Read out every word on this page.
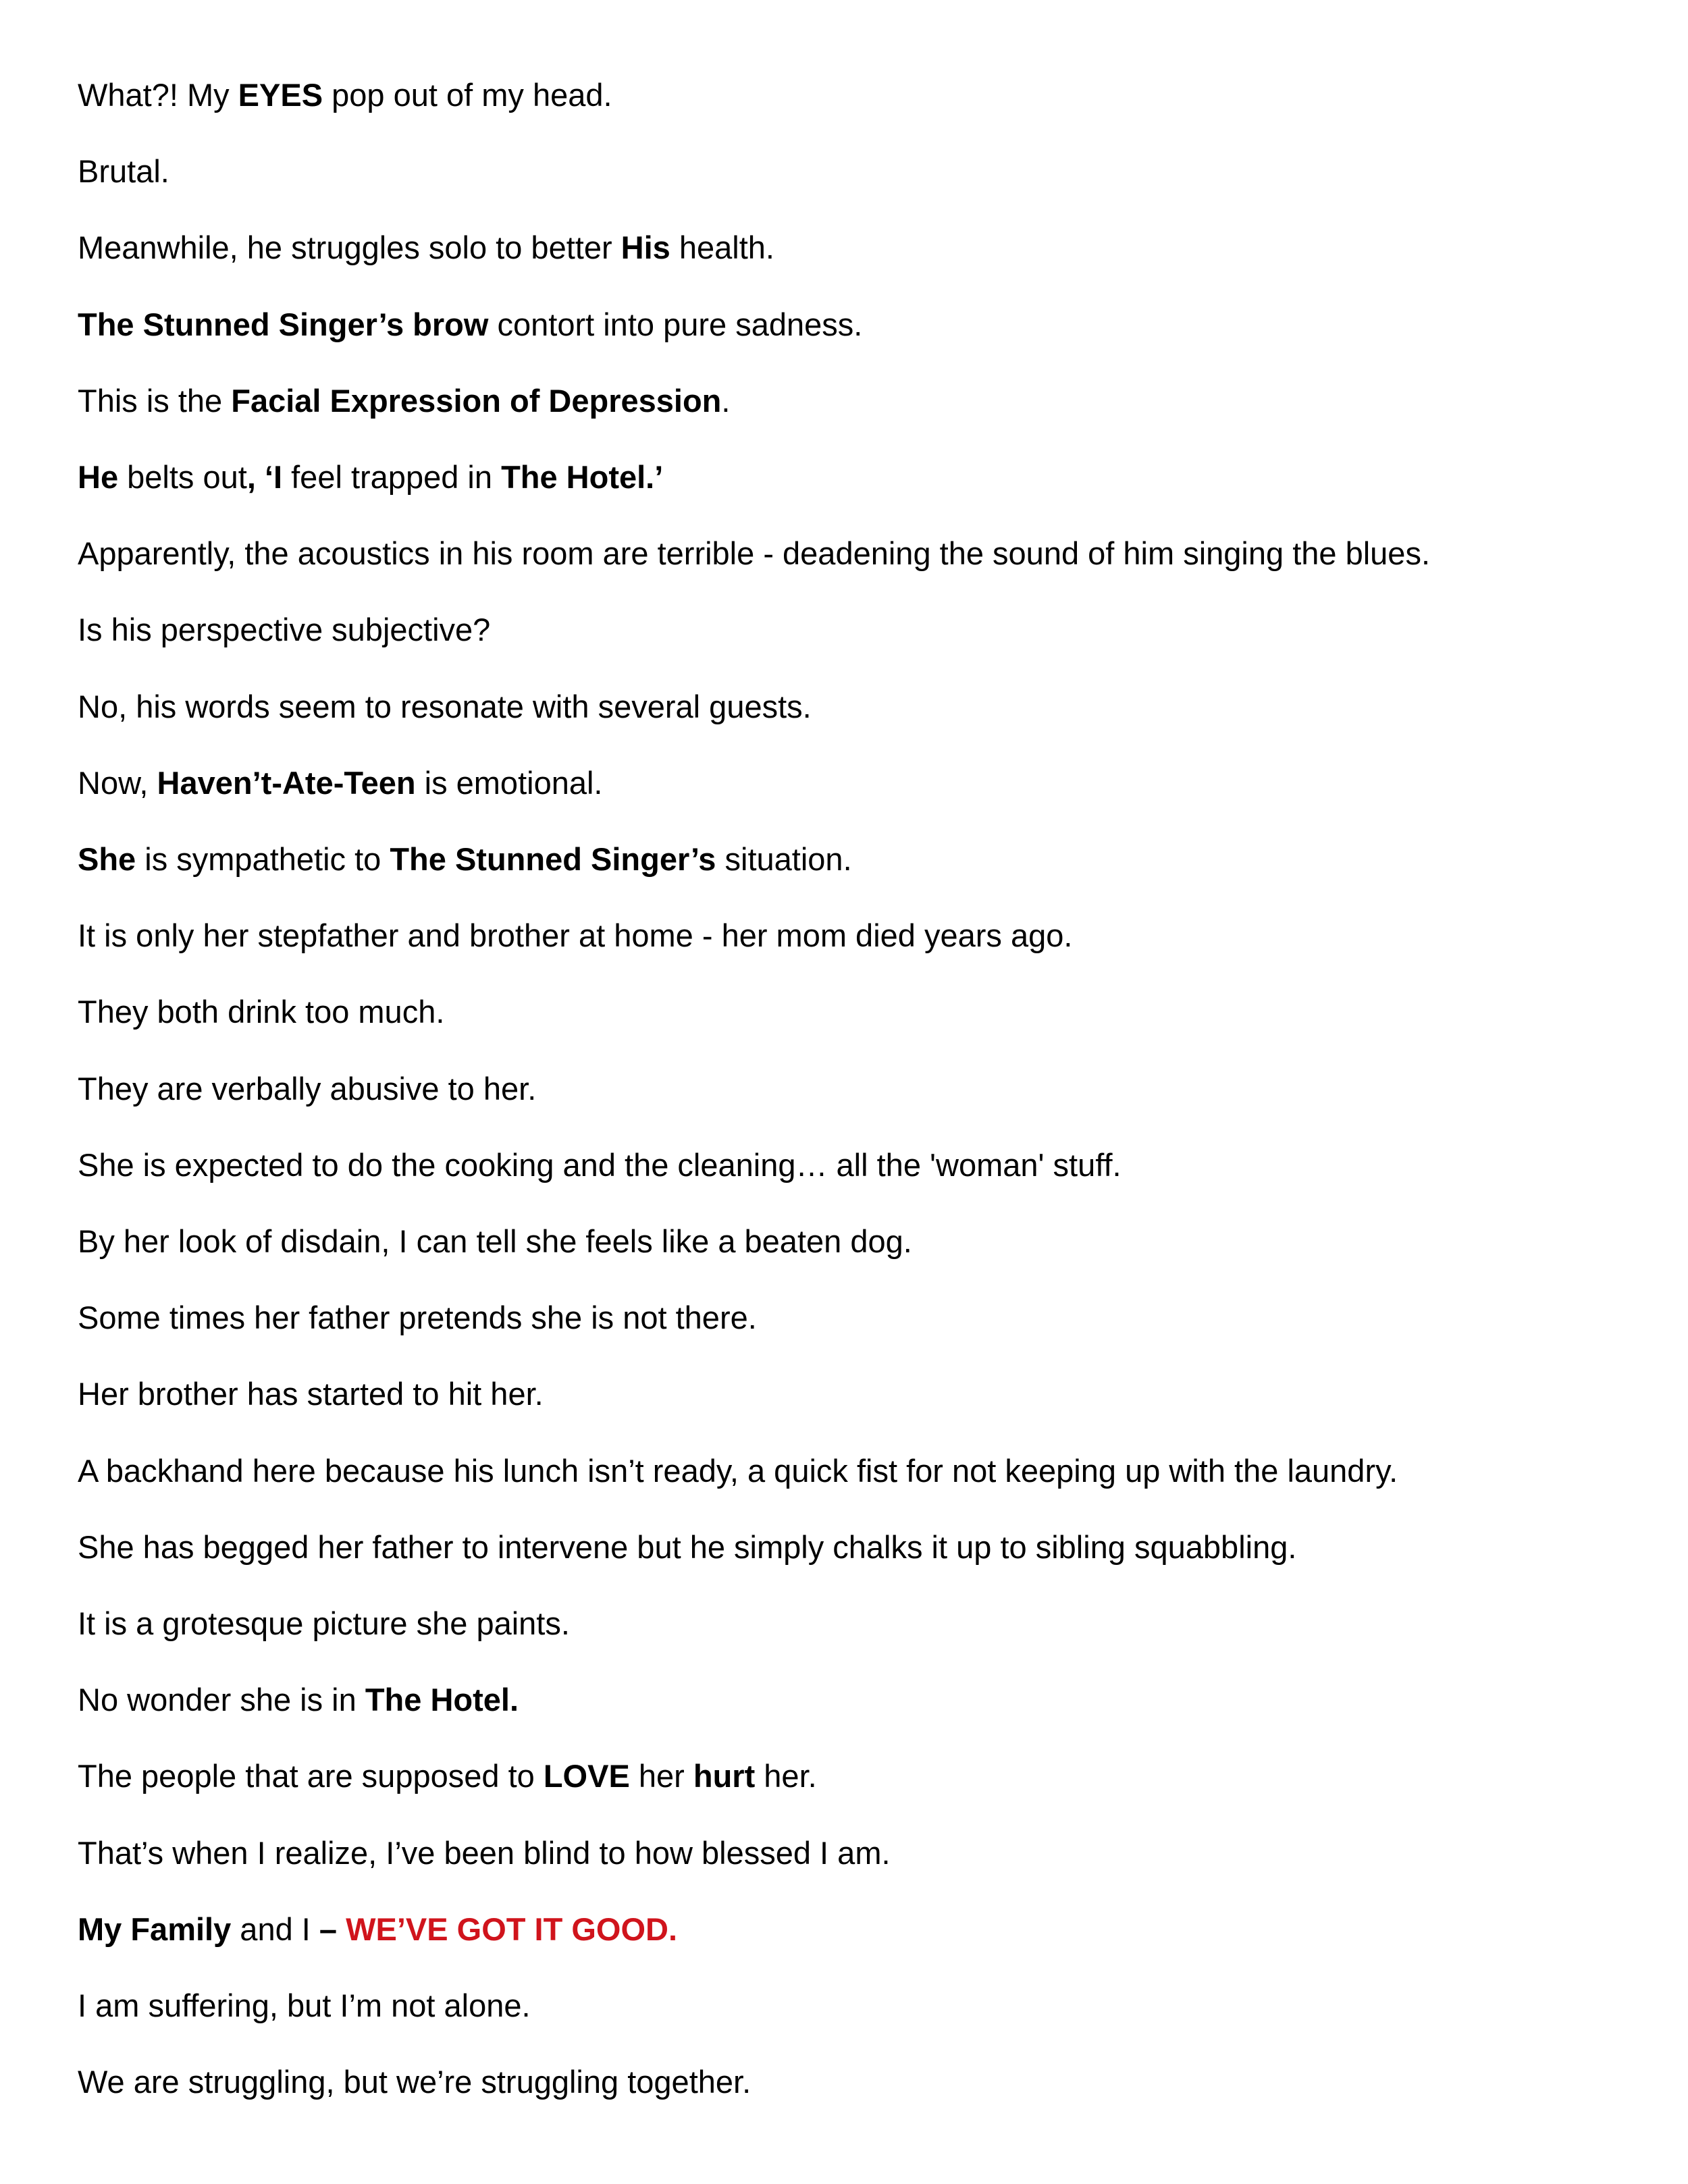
What?! My EYES pop out of my head.

Brutal.

Meanwhile, he struggles solo to better His health.

The Stunned Singer’s brow contort into pure sadness.

This is the Facial Expression of Depression.

He belts out, ‘I feel trapped in The Hotel.’

Apparently, the acoustics in his room are terrible - deadening the sound of him singing the blues.

Is his perspective subjective?

No, his words seem to resonate with several guests.

Now, Haven’t-Ate-Teen is emotional.

She is sympathetic to The Stunned Singer’s situation.

It is only her stepfather and brother at home - her mom died years ago.

They both drink too much.

They are verbally abusive to her.

She is expected to do the cooking and the cleaning… all the 'woman' stuff.

By her look of disdain, I can tell she feels like a beaten dog.

Some times her father pretends she is not there.

Her brother has started to hit her.

A backhand here because his lunch isn’t ready, a quick fist for not keeping up with the laundry.

She has begged her father to intervene but he simply chalks it up to sibling squabbling.

It is a grotesque picture she paints.

No wonder she is in The Hotel.

The people that are supposed to LOVE her hurt her.

That’s when I realize, I’ve been blind to how blessed I am.

My Family and I – WE’VE GOT IT GOOD.

I am suffering, but I’m not alone.

We are struggling, but we’re struggling together.
